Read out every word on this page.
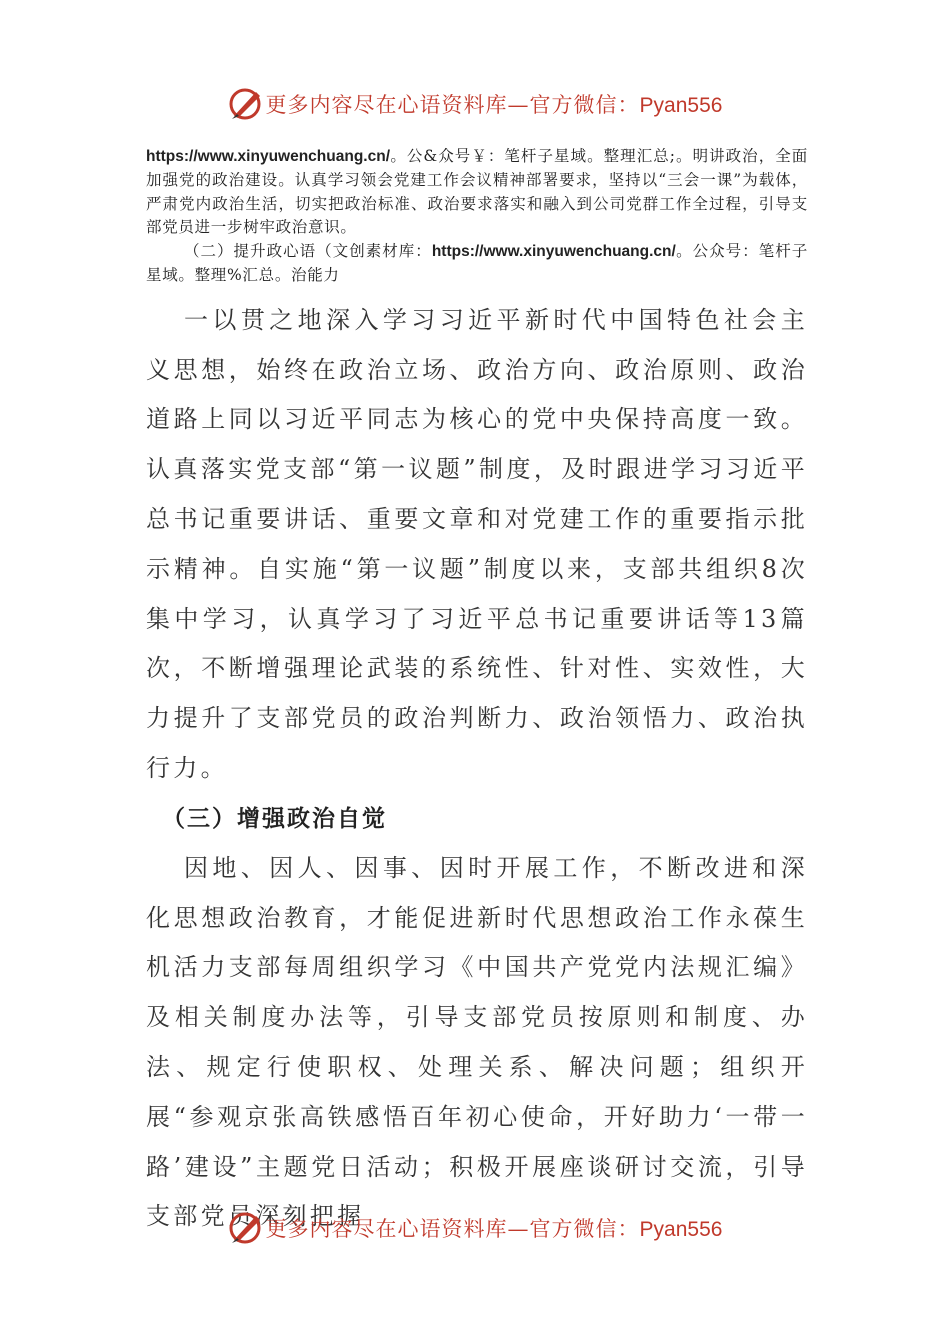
更多内容尽在心语资料库—官方微信：Pyan556

https://www.xinyuwenchuang.cn/。公&众号￥：笔杆子星域。整理汇总;。明讲政治，全面加强党的政治建设。认真学习领会党建工作会议精神部署要求，坚持以“三会一课”为载体，严肃党内政治生活，切实把政治标准、政治要求落实和融入到公司党群工作全过程，引导支部党员进一步树牢政治意识。

（二）提升政心语（文创素材库：https://www.xinyuwenchuang.cn/。公众号：笔杆子星域。整理%汇总。治能力

一以贯之地深入学习习近平新时代中国特色社会主义思想，始终在政治立场、政治方向、政治原则、政治道路上同以习近平同志为核心的党中央保持高度一致。认真落实党支部“第一议题”制度，及时跟进学习习近平总书记重要讲话、重要文章和对党建工作的重要指示批示精神。自实施“第一议题”制度以来，支部共组织8次集中学习，认真学习了习近平总书记重要讲话等13篇次，不断增强理论武装的系统性、针对性、实效性，大力提升了支部党员的政治判断力、政治领悟力、政治执行力。

（三）增强政治自觉

因地、因人、因事、因时开展工作，不断改进和深化思想政治教育，才能促进新时代思想政治工作永葆生机活力支部每周组织学习《中国共产党党内法规汇编》及相关制度办法等，引导支部党员按原则和制度、办法、规定行使职权、处理关系、解决问题；组织开展“参观京张高铁感悟百年初心使命，开好助力‘一带一路’建设”主题党日活动；积极开展座谈研讨交流，引导支部党员深刻把握

更多内容尽在心语资料库—官方微信：Pyan556
